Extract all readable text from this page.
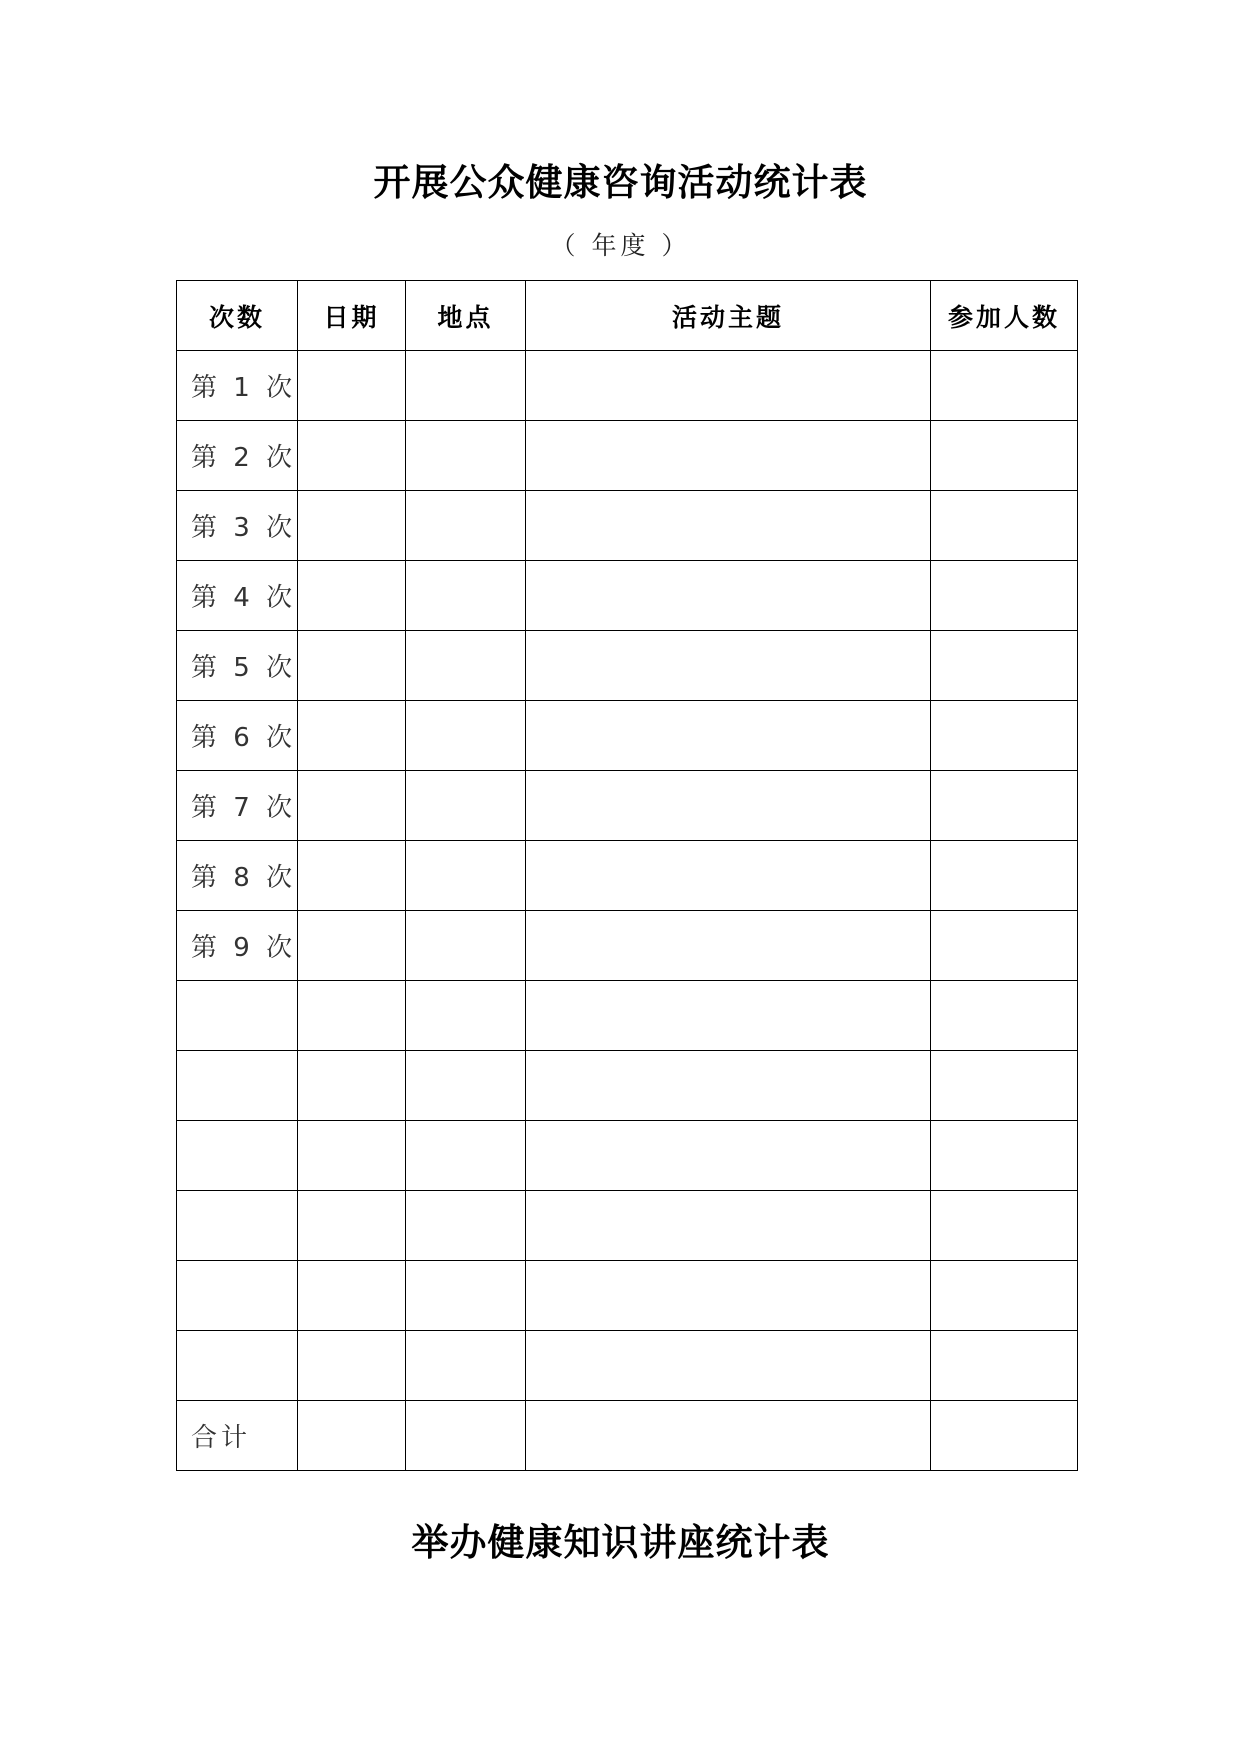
开展公众健康咨询活动统计表
（ 年度 ）
次数	日期	地点	活动主题	参加人数
第 1 次				
第 2 次				
第 3 次				
第 4 次				
第 5 次				
第 6 次				
第 7 次				
第 8 次				
第 9 次				

合计				
举办健康知识讲座统计表
